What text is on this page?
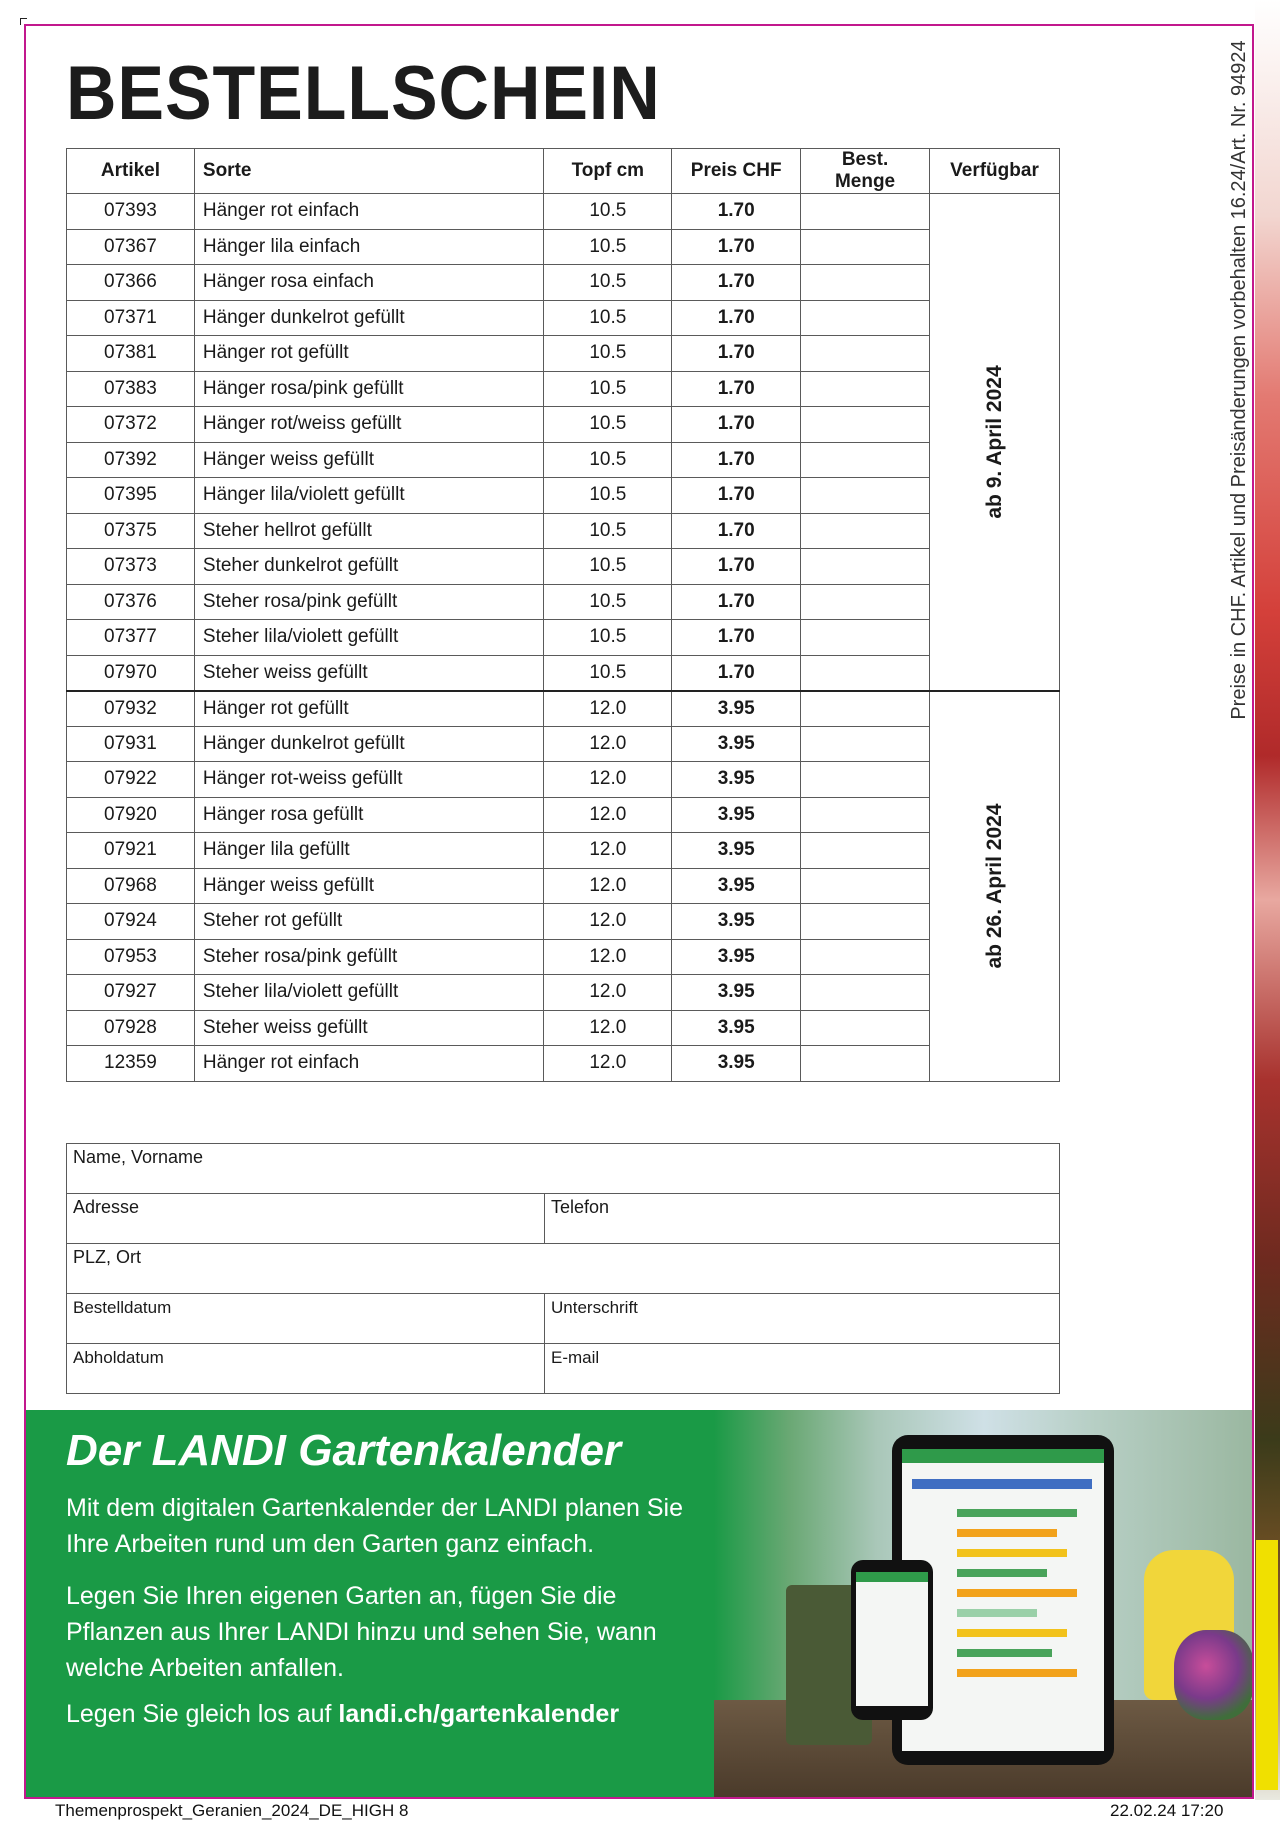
BESTELLSCHEIN	Preise in CHF. Artikel und Preisänderungen vorbehalten 16.24/Art. Nr. 94924
Artikel	Sorte	Topf cm	Preis CHF	Best. Menge	Verfügbar
07393	Hänger rot einfach	10.5	1.70		ab 9. April 2024

07367	Hänger lila einfach	10.5	1.70		
07366	Hänger rosa einfach	10.5	1.70		
07371	Hänger dunkelrot gefüllt	10.5	1.70		
07381	Hänger rot gefüllt	10.5	1.70		
07383	Hänger rosa/pink gefüllt	10.5	1.70		
07372	Hänger rot/weiss gefüllt	10.5	1.70		
07392	Hänger weiss gefüllt	10.5	1.70		
07395	Hänger lila/violett gefüllt	10.5	1.70		
07375	Steher hellrot gefüllt	10.5	1.70		
07373	Steher dunkelrot gefüllt	10.5	1.70		
07376	Steher rosa/pink gefüllt	10.5	1.70		
07377	Steher lila/violett gefüllt	10.5	1.70		
07970	Steher weiss gefüllt	10.5	1.70		
07932	Hänger rot gefüllt	12.0	3.95		ab 26. April 2024

07931	Hänger dunkelrot gefüllt	12.0	3.95		
07922	Hänger rot-weiss gefüllt	12.0	3.95		
07920	Hänger rosa gefüllt	12.0	3.95		
07921	Hänger lila gefüllt	12.0	3.95		
07968	Hänger weiss gefüllt	12.0	3.95		
07924	Steher rot gefüllt	12.0	3.95		
07953	Steher rosa/pink gefüllt	12.0	3.95		
07927	Steher lila/violett gefüllt	12.0	3.95		
07928	Steher weiss gefüllt	12.0	3.95		
12359	Hänger rot einfach	12.0	3.95		
Name, Vorname	
Adresse	Telefon
PLZ, Ort	
Bestelldatum	Unterschrift
Abholdatum	E-mail
Der LANDI Gartenkalender

Mit dem digitalen Gartenkalender der LANDI planen Sie Ihre Arbeiten rund um den Garten ganz einfach.

Legen Sie Ihren eigenen Garten an, fügen Sie die Pflanzen aus Ihrer LANDI hinzu und sehen Sie, wann welche Arbeiten anfallen.

Legen Sie gleich los auf landi.ch/gartenkalender

Themenprospekt_Geranien_2024_DE_HIGH 8	22.02.24 17:20
